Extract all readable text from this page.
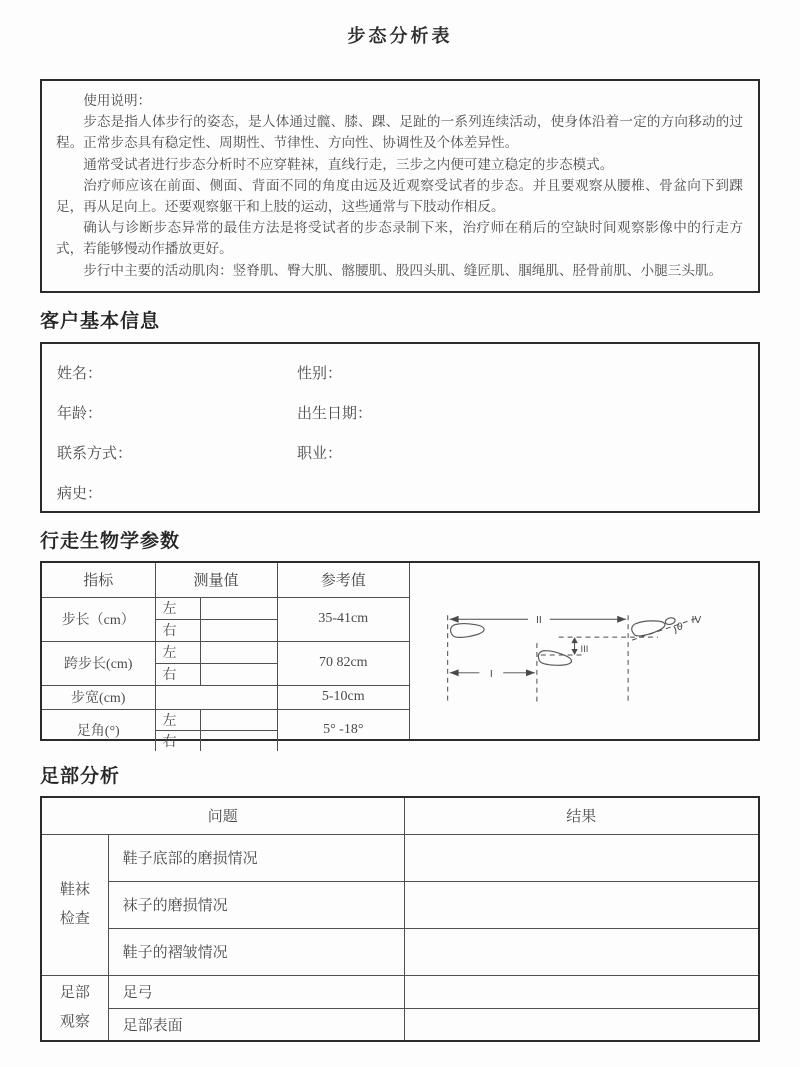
步态分析表

使用说明：

步态是指人体步行的姿态，是人体通过髋、膝、踝、足趾的一系列连续活动，使身体沿着一定的方向移动的过程。正常步态具有稳定性、周期性、节律性、方向性、协调性及个体差异性。

通常受试者进行步态分析时不应穿鞋袜，直线行走，三步之内便可建立稳定的步态模式。

治疗师应该在前面、侧面、背面不同的角度由远及近观察受试者的步态。并且要观察从腰椎、骨盆向下到踝足，再从足向上。还要观察躯干和上肢的运动，这些通常与下肢动作相反。

确认与诊断步态异常的最佳方法是将受试者的步态录制下来，治疗师在稍后的空缺时间观察影像中的行走方式，若能够慢动作播放更好。

步行中主要的活动肌肉：竖脊肌、臀大肌、髂腰肌、股四头肌、缝匠肌、腘绳肌、胫骨前肌、小腿三头肌。

客户基本信息
姓名：	性别：
年龄：	出生日期：
联系方式：	职业：
病史：
行走生物学参数
指标	测量值		参考值
步长（cm）	左		35-41cm
	右		
跨步长(cm)	左		70 82cm
	右		
步宽(cm)			5-10cm
足角(°)	左		5° -18°
	右		
II
I
III
θ
IV
足部分析
问题		结果
鞋袜检查	鞋子底部的磨损情况	
	袜子的磨损情况	
	鞋子的褶皱情况	
足部观察	足弓	
	足部表面	
